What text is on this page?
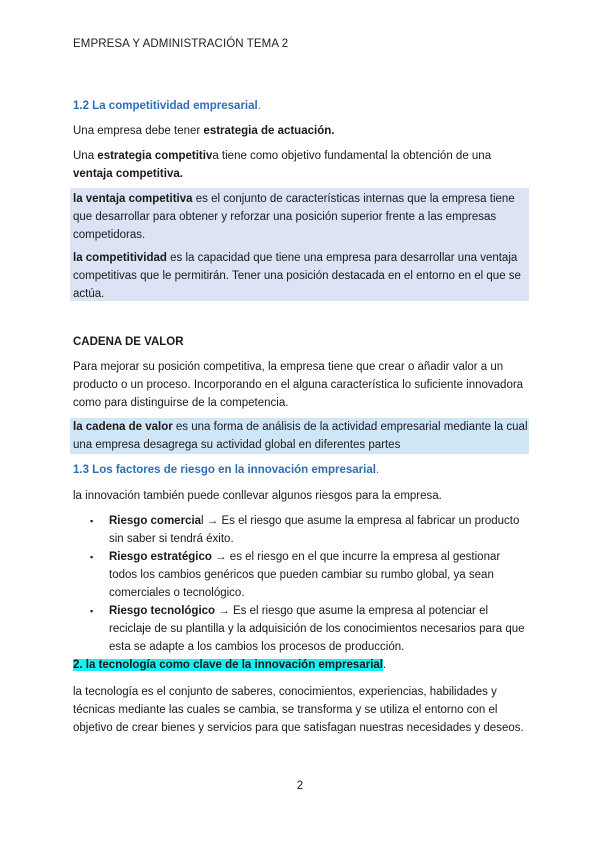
EMPRESA Y ADMINISTRACIÓN TEMA 2
1.2 La competitividad empresarial.
Una empresa debe tener estrategia de actuación.
Una estrategia competitiva tiene como objetivo fundamental la obtención de una ventaja competitiva.
la ventaja competitiva es el conjunto de características internas que la empresa tiene que desarrollar para obtener y reforzar una posición superior frente a las empresas competidoras.
la competitividad es la capacidad que tiene una empresa para desarrollar una ventaja competitivas que le permitirán. Tener una posición destacada en el entorno en el que se actúa.
CADENA DE VALOR
Para mejorar su posición competitiva, la empresa tiene que crear o añadir valor a un producto o un proceso. Incorporando en el alguna característica lo suficiente innovadora como para distinguirse de la competencia.
la cadena de valor es una forma de análisis de la actividad empresarial mediante la cual una empresa desagrega su actividad global en diferentes partes
1.3 Los factores de riesgo en la innovación empresarial.
la innovación también puede conllevar algunos riesgos para la empresa.
▪ Riesgo comercial → Es el riesgo que asume la empresa al fabricar un producto sin saber si tendrá éxito.
▪ Riesgo estratégico → es el riesgo en el que incurre la empresa al gestionar todos los cambios genéricos que pueden cambiar su rumbo global, ya sean comerciales o tecnológico.
▪ Riesgo tecnológico → Es el riesgo que asume la empresa al potenciar el reciclaje de su plantilla y la adquisición de los conocimientos necesarios para que esta se adapte a los cambios los procesos de producción.
2. la tecnología como clave de la innovación empresarial.
la tecnología es el conjunto de saberes, conocimientos, experiencias, habilidades y técnicas mediante las cuales se cambia, se transforma y se utiliza el entorno con el objetivo de crear bienes y servicios para que satisfagan nuestras necesidades y deseos.
2
